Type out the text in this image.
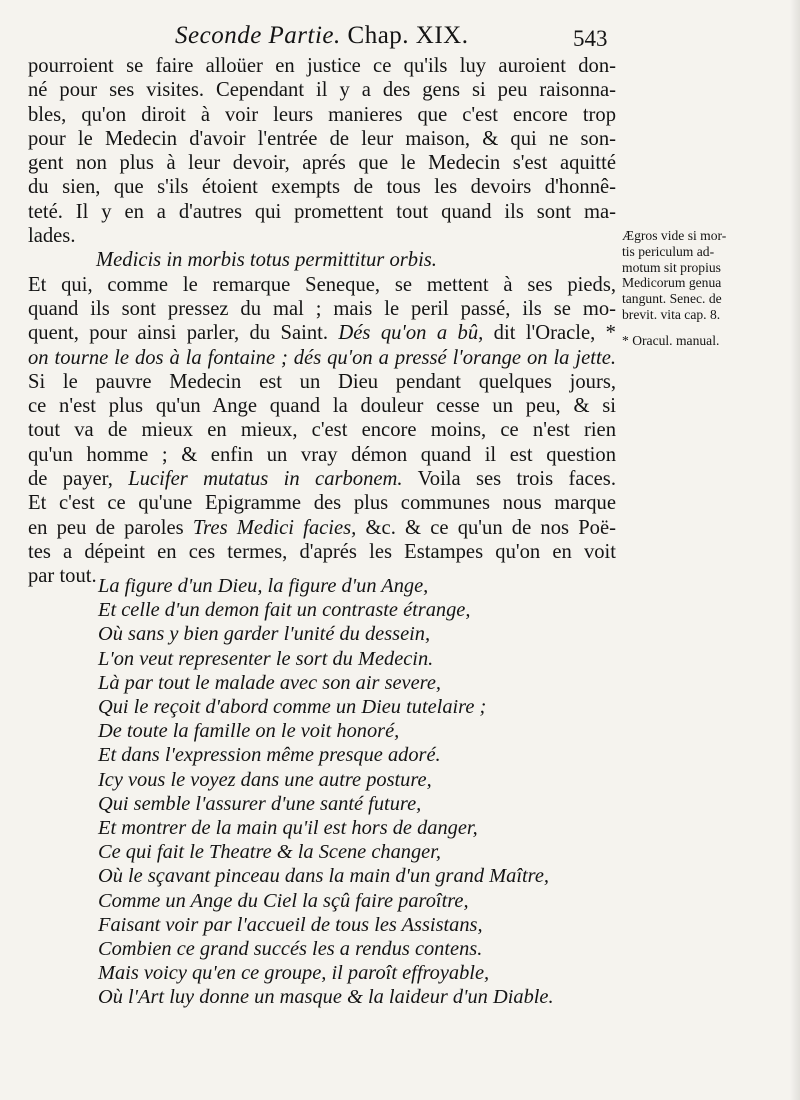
Seconde Partie. Chap. XIX.	543
pourroient se faire alloüer en justice ce qu'ils luy auroient don-
né pour ses visites. Cependant il y a des gens si peu raisonna-
bles, qu'on diroit à voir leurs manieres que c'est encore trop
pour le Medecin d'avoir l'entrée de leur maison, & qui ne son-
gent non plus à leur devoir, aprés que le Medecin s'est aquitté
du sien, que s'ils étoient exempts de tous les devoirs d'honnê-
teté. Il y en a d'autres qui promettent tout quand ils sont ma-
lades.
Medicis in morbis totus permittitur orbis.
Et qui, comme le remarque Seneque, se mettent à ses pieds,
quand ils sont pressez du mal ; mais le peril passé, ils se mo-
quent, pour ainsi parler, du Saint. Dés qu'on a bû, dit l'Oracle, *
on tourne le dos à la fontaine ; dés qu'on a pressé l'orange on la jette.
Si le pauvre Medecin est un Dieu pendant quelques jours,
ce n'est plus qu'un Ange quand la douleur cesse un peu, & si
tout va de mieux en mieux, c'est encore moins, ce n'est rien
qu'un homme ; & enfin un vray démon quand il est question
de payer, Lucifer mutatus in carbonem. Voila ses trois faces.
Et c'est ce qu'une Epigramme des plus communes nous marque
en peu de paroles Tres Medici facies, &c. & ce qu'un de nos Poë-
tes a dépeint en ces termes, d'aprés les Estampes qu'on en voit
par tout. La figure d'un Dieu, la figure d'un Ange,
Et celle d'un demon fait un contraste étrange,
Où sans y bien garder l'unité du dessein,
L'on veut representer le sort du Medecin.
Là par tout le malade avec son air severe,
Qui le reçoit d'abord comme un Dieu tutelaire ;
De toute la famille on le voit honoré,
Et dans l'expression même presque adoré.
Icy vous le voyez dans une autre posture,
Qui semble l'assurer d'une santé future,
Et montrer de la main qu'il est hors de danger,
Ce qui fait le Theatre & la Scene changer,
Où le sçavant pinceau dans la main d'un grand Maître,
Comme un Ange du Ciel la sçû faire paroître,
Faisant voir par l'accueil de tous les Assistans,
Combien ce grand succés les a rendus contens.
Mais voicy qu'en ce groupe, il paroît effroyable,
Où l'Art luy donne un masque & la laideur d'un Diable.
Ægros vide si mor-
tis periculum ad-
motum sit propius
Medicorum genua
tangunt. Senec. de
brevit. vita cap. 8.
* Oracul. manual.
